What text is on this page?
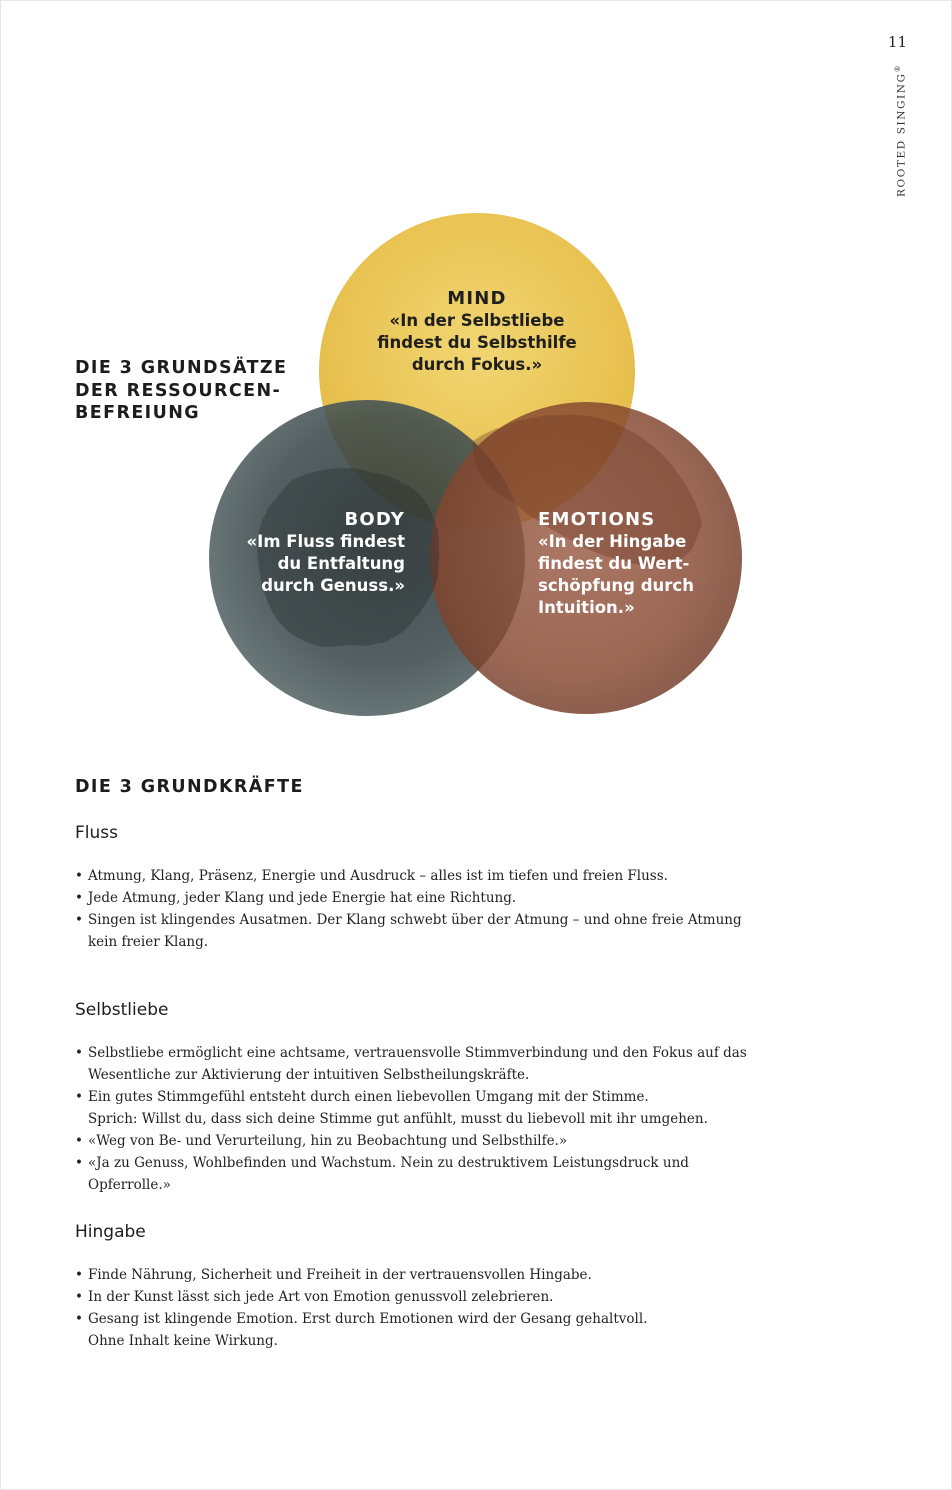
11
ROOTED SINGING®
DIE 3 GRUNDSÄTZE
DER RESSOURCEN-
BEFREIUNG
MIND
«In der Selbstliebe
findest du Selbsthilfe
durch Fokus.»
BODY
«Im Fluss findest
du Entfaltung
durch Genuss.»
EMOTIONS
«In der Hingabe
findest du Wert-
schöpfung durch
Intuition.»
DIE 3 GRUNDKRÄFTE
Fluss
• Atmung, Klang, Präsenz, Energie und Ausdruck – alles ist im tiefen und freien Fluss.
• Jede Atmung, jeder Klang und jede Energie hat eine Richtung.
• Singen ist klingendes Ausatmen. Der Klang schwebt über der Atmung – und ohne freie Atmung
kein freier Klang.
Selbstliebe
• Selbstliebe ermöglicht eine achtsame, vertrauensvolle Stimmverbindung und den Fokus auf das
Wesentliche zur Aktivierung der intuitiven Selbstheilungskräfte.
• Ein gutes Stimmgefühl entsteht durch einen liebevollen Umgang mit der Stimme.
Sprich: Willst du, dass sich deine Stimme gut anfühlt, musst du liebevoll mit ihr umgehen.
• «Weg von Be- und Verurteilung, hin zu Beobachtung und Selbsthilfe.»
• «Ja zu Genuss, Wohlbefinden und Wachstum. Nein zu destruktivem Leistungsdruck und Opferrolle.»
Hingabe
• Finde Nährung, Sicherheit und Freiheit in der vertrauensvollen Hingabe.
• In der Kunst lässt sich jede Art von Emotion genussvoll zelebrieren.
• Gesang ist klingende Emotion. Erst durch Emotionen wird der Gesang gehaltvoll.
Ohne Inhalt keine Wirkung.
